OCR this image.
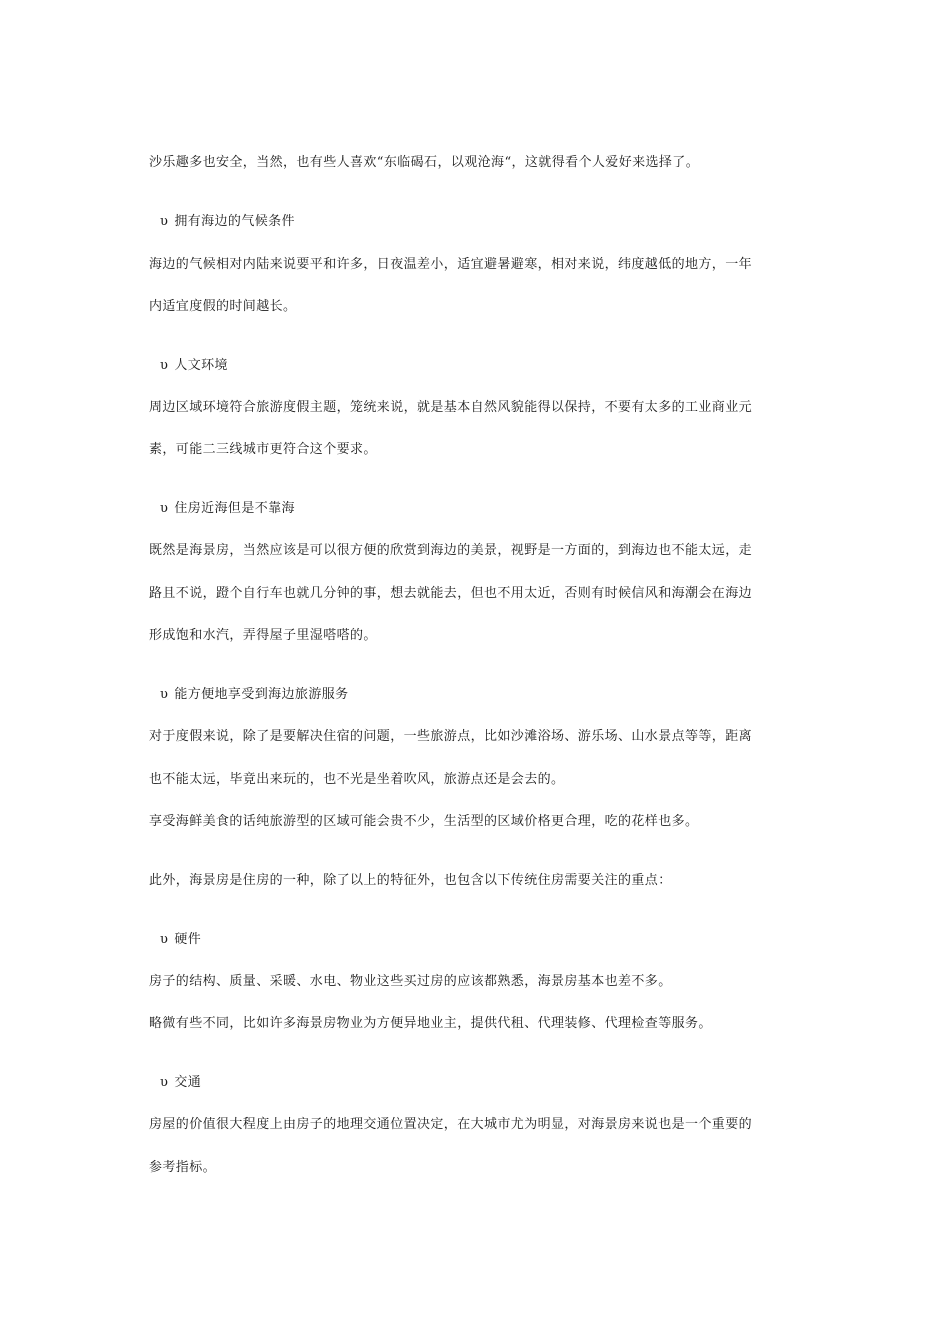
沙乐趣多也安全，当然，也有些人喜欢“东临碣石，以观沧海“，这就得看个人爱好来选择了。
υ 拥有海边的气候条件
海边的气候相对内陆来说要平和许多，日夜温差小，适宜避暑避寒，相对来说，纬度越低的地方，一年
内适宜度假的时间越长。
υ 人文环境
周边区域环境符合旅游度假主题，笼统来说，就是基本自然风貌能得以保持，不要有太多的工业商业元
素，可能二三线城市更符合这个要求。
υ 住房近海但是不靠海
既然是海景房，当然应该是可以很方便的欣赏到海边的美景，视野是一方面的，到海边也不能太远，走
路且不说，蹬个自行车也就几分钟的事，想去就能去，但也不用太近，否则有时候信风和海潮会在海边
形成饱和水汽，弄得屋子里湿嗒嗒的。
υ 能方便地享受到海边旅游服务
对于度假来说，除了是要解决住宿的问题，一些旅游点，比如沙滩浴场、游乐场、山水景点等等，距离
也不能太远，毕竟出来玩的，也不光是坐着吹风，旅游点还是会去的。
享受海鲜美食的话纯旅游型的区域可能会贵不少，生活型的区域价格更合理，吃的花样也多。
此外，海景房是住房的一种，除了以上的特征外，也包含以下传统住房需要关注的重点：
υ 硬件
房子的结构、质量、采暖、水电、物业这些买过房的应该都熟悉，海景房基本也差不多。
略微有些不同，比如许多海景房物业为方便异地业主，提供代租、代理装修、代理检查等服务。
υ 交通
房屋的价值很大程度上由房子的地理交通位置决定，在大城市尤为明显，对海景房来说也是一个重要的
参考指标。
